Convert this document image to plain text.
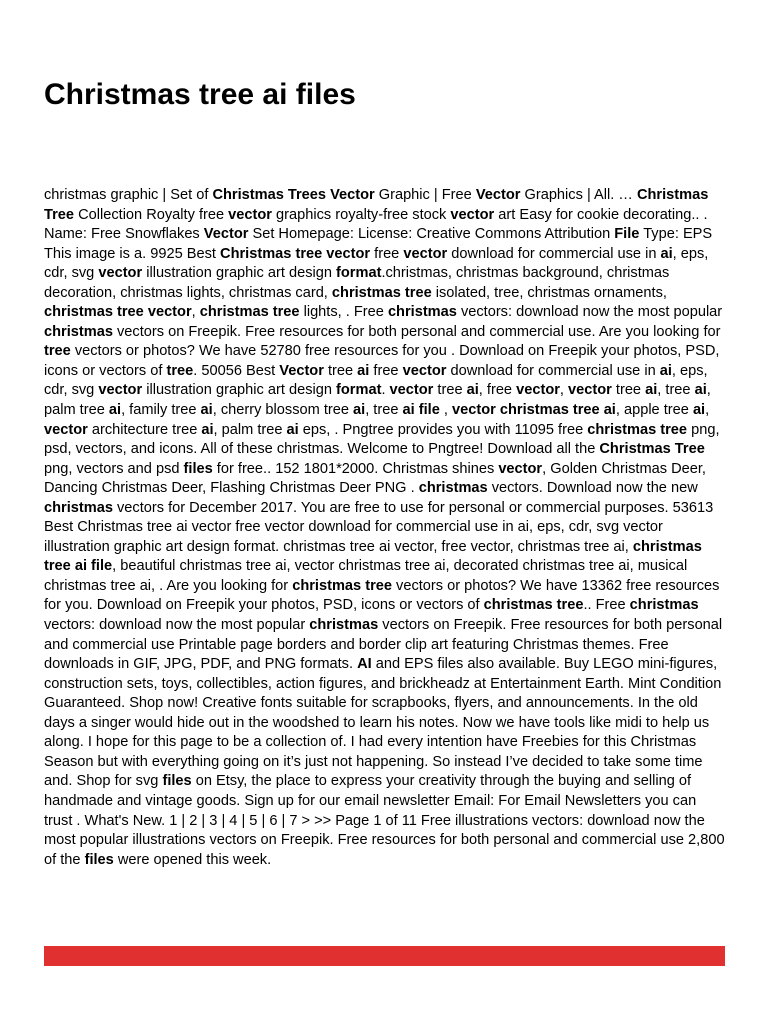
Christmas tree ai files

christmas graphic | Set of Christmas Trees Vector Graphic | Free Vector Graphics | All. … Christmas Tree Collection Royalty free vector graphics royalty-free stock vector art Easy for cookie decorating.. . Name: Free Snowflakes Vector Set Homepage: License: Creative Commons Attribution File Type: EPS This image is a. 9925 Best Christmas tree vector free vector download for commercial use in ai, eps, cdr, svg vector illustration graphic art design format.christmas, christmas background, christmas decoration, christmas lights, christmas card, christmas tree isolated, tree, christmas ornaments, christmas tree vector, christmas tree lights, . Free christmas vectors: download now the most popular christmas vectors on Freepik. Free resources for both personal and commercial use. Are you looking for tree vectors or photos? We have 52780 free resources for you . Download on Freepik your photos, PSD, icons or vectors of tree. 50056 Best Vector tree ai free vector download for commercial use in ai, eps, cdr, svg vector illustration graphic art design format. vector tree ai, free vector, vector tree ai, tree ai, palm tree ai, family tree ai, cherry blossom tree ai, tree ai file , vector christmas tree ai, apple tree ai, vector architecture tree ai, palm tree ai eps, . Pngtree provides you with 11095 free christmas tree png, psd, vectors, and icons. All of these christmas. Welcome to Pngtree! Download all the Christmas Tree png, vectors and psd files for free.. 152 1801*2000. Christmas shines vector, Golden Christmas Deer, Dancing Christmas Deer, Flashing Christmas Deer PNG . christmas vectors. Download now the new christmas vectors for December 2017. You are free to use for personal or commercial purposes. 53613 Best Christmas tree ai vector free vector download for commercial use in ai, eps, cdr, svg vector illustration graphic art design format. christmas tree ai vector, free vector, christmas tree ai, christmas tree ai file, beautiful christmas tree ai, vector christmas tree ai, decorated christmas tree ai, musical christmas tree ai, . Are you looking for christmas tree vectors or photos? We have 13362 free resources for you. Download on Freepik your photos, PSD, icons or vectors of christmas tree.. Free christmas vectors: download now the most popular christmas vectors on Freepik. Free resources for both personal and commercial use Printable page borders and border clip art featuring Christmas themes. Free downloads in GIF, JPG, PDF, and PNG formats. AI and EPS files also available. Buy LEGO mini-figures, construction sets, toys, collectibles, action figures, and brickheadz at Entertainment Earth. Mint Condition Guaranteed. Shop now! Creative fonts suitable for scrapbooks, flyers, and announcements. In the old days a singer would hide out in the woodshed to learn his notes. Now we have tools like midi to help us along. I hope for this page to be a collection of. I had every intention have Freebies for this Christmas Season but with everything going on it’s just not happening. So instead I’ve decided to take some time and. Shop for svg files on Etsy, the place to express your creativity through the buying and selling of handmade and vintage goods. Sign up for our email newsletter Email: For Email Newsletters you can trust . What's New. 1 | 2 | 3 | 4 | 5 | 6 | 7 > >> Page 1 of 11 Free illustrations vectors: download now the most popular illustrations vectors on Freepik. Free resources for both personal and commercial use 2,800 of the files were opened this week.
